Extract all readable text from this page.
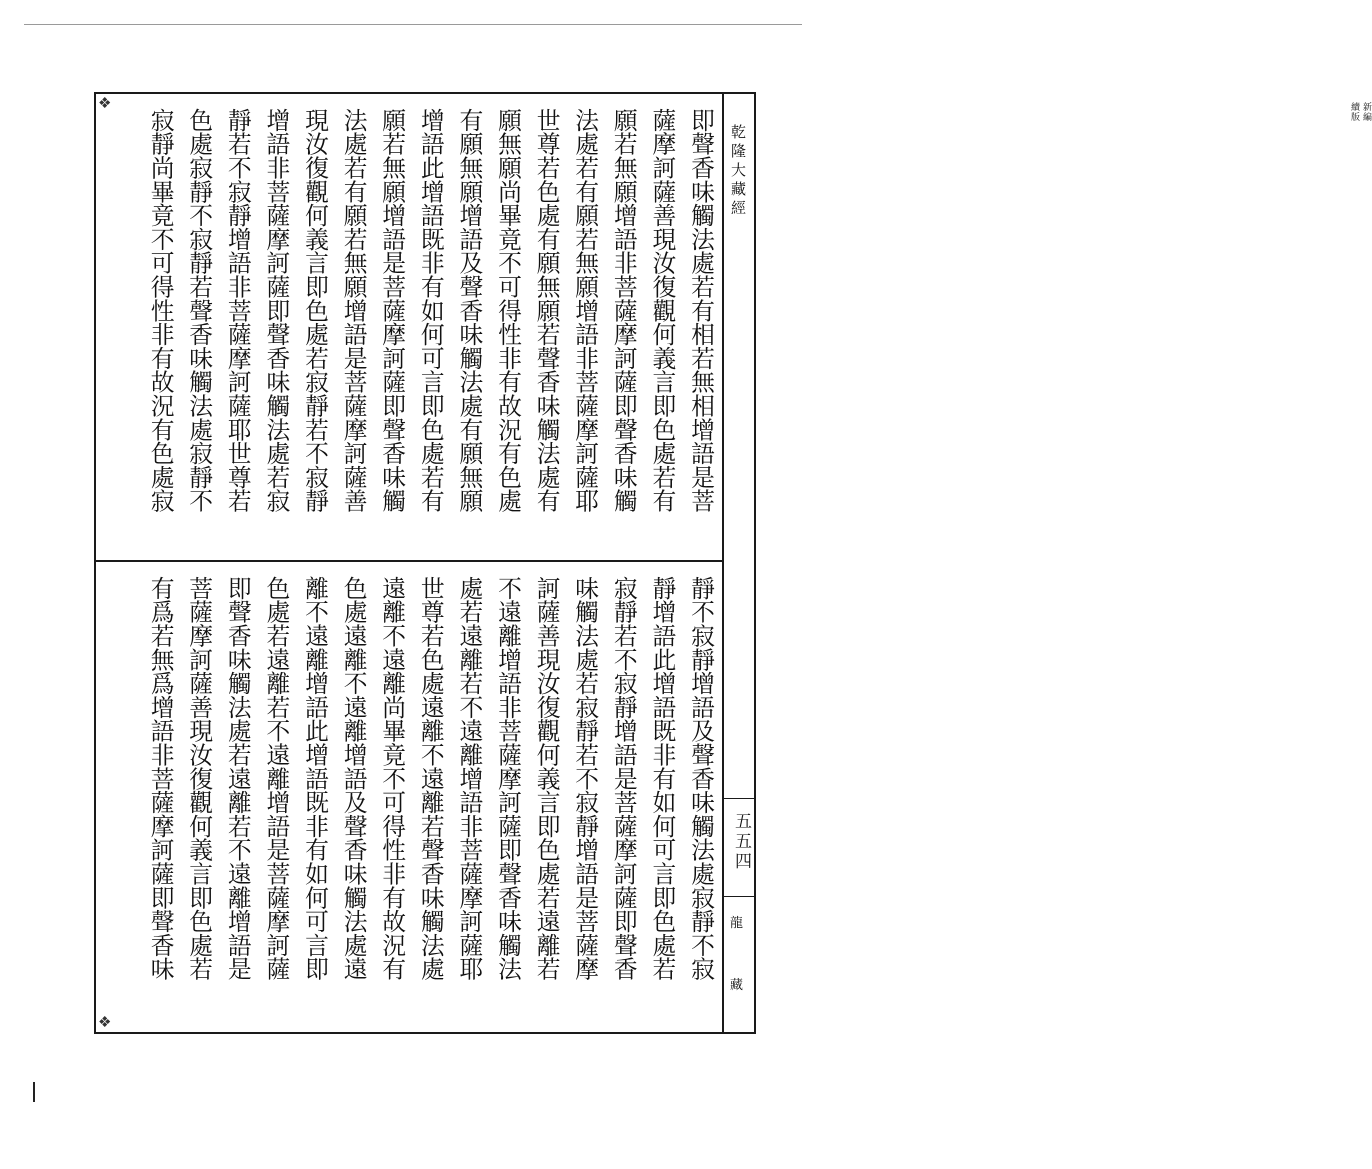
❖
❖
即聲香味觸法處若有相若無相增語是菩
薩摩訶薩善現汝復觀何義言即色處若有
願若無願增語非菩薩摩訶薩即聲香味觸
法處若有願若無願增語非菩薩摩訶薩耶
世尊若色處有願無願若聲香味觸法處有
願無願尚畢竟不可得性非有故況有色處
有願無願增語及聲香味觸法處有願無願
增語此增語既非有如何可言即色處若有
願若無願增語是菩薩摩訶薩即聲香味觸
法處若有願若無願增語是菩薩摩訶薩善
現汝復觀何義言即色處若寂靜若不寂靜
增語非菩薩摩訶薩即聲香味觸法處若寂
靜若不寂靜增語非菩薩摩訶薩耶世尊若
色處寂靜不寂靜若聲香味觸法處寂靜不
寂靜尚畢竟不可得性非有故況有色處寂
靜不寂靜增語及聲香味觸法處寂靜不寂
靜增語此增語既非有如何可言即色處若
寂靜若不寂靜增語是菩薩摩訶薩即聲香
味觸法處若寂靜若不寂靜增語是菩薩摩
訶薩善現汝復觀何義言即色處若遠離若
不遠離增語非菩薩摩訶薩即聲香味觸法
處若遠離若不遠離增語非菩薩摩訶薩耶
世尊若色處遠離不遠離若聲香味觸法處
遠離不遠離尚畢竟不可得性非有故況有
色處遠離不遠離增語及聲香味觸法處遠
離不遠離增語此增語既非有如何可言即
色處若遠離若不遠離增語是菩薩摩訶薩
即聲香味觸法處若遠離若不遠離增語是
菩薩摩訶薩善現汝復觀何義言即色處若
有爲若無爲增語非菩薩摩訶薩即聲香味
新編
續版
乾隆大藏經
五五四
龍
藏
